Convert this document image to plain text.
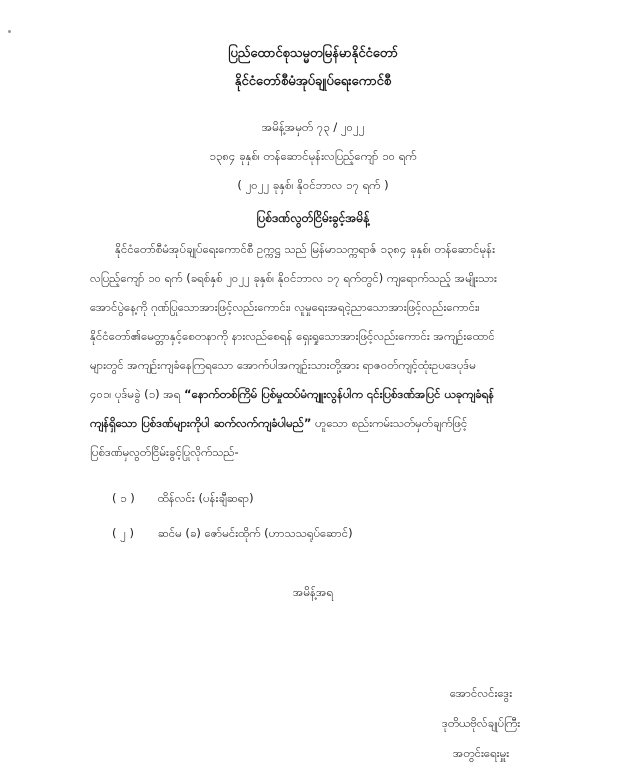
ပြည်ထောင်စုသမ္မတမြန်မာနိုင်ငံတော်
နိုင်ငံတော်စီမံအုပ်ချုပ်ရေးကောင်စီ
အမိန့်အမှတ် ၇၃ / ၂၀၂၂
၁၃၈၄ ခုနှစ်၊ တန်ဆောင်မုန်းလပြည့်ကျော် ၁၀ ရက်
( ၂၀၂၂ ခုနှစ်၊ နိုဝင်ဘာလ ၁၇ ရက် )
ပြစ်ဒဏ်လွတ်ငြိမ်းခွင့်အမိန့်
နိုင်ငံတော်စီမံအုပ်ချုပ်ရေးကောင်စီ ဥက္ကဋ္ဌ သည် မြန်မာသက္ကရာဇ် ၁၃၈၄ ခုနှစ်၊ တန်ဆောင်မုန်း
လပြည့်ကျော် ၁၀ ရက် (ခရစ်နှစ် ၂၀၂၂ ခုနှစ်၊ နိုဝင်ဘာလ ၁၇ ရက်တွင်) ကျရောက်သည့် အမျိုးသား
အောင်ပွဲနေ့ကို ဂုဏ်ပြုသောအားဖြင့်လည်းကောင်း၊ လူမှုရေးအရငဲ့ညာသောအားဖြင့်လည်းကောင်း၊
နိုင်ငံတော်၏မေတ္တာနှင့်စေတနာကို နားလည်စေရန် ရှေးရှုသောအားဖြင့်လည်းကောင်း အကျဉ်းထောင်
များတွင် အကျဉ်းကျခံနေကြရသော အောက်ပါအကျဉ်းသားတို့အား ရာဇဝတ်ကျင့်ထုံးဥပဒေပုဒ်မ
၄၀၁၊ ပုဒ်မခွဲ (၁) အရ “နောက်တစ်ကြိမ် ပြစ်မှုထပ်မံကျူးလွန်ပါက ၎င်းပြစ်ဒဏ်အပြင် ယခုကျခံရန်
ကျန်ရှိသော ပြစ်ဒဏ်များကိုပါ ဆက်လက်ကျခံပါမည်” ဟူသော စည်းကမ်းသတ်မှတ်ချက်ဖြင့်
ပြစ်ဒဏ်မှလွတ်ငြိမ်းခွင့်ပြုလိုက်သည်-
( ၁ ) ထိန်လင်း (ပန်းချီဆရာ)
( ၂ ) ဆင်မ (ခ) ဇော်မင်းထိုက် (ဟာသသရုပ်ဆောင်)
အမိန့်အရ
အောင်လင်းဒွေး
ဒုတိယဗိုလ်ချုပ်ကြီး
အတွင်းရေးမှူး
